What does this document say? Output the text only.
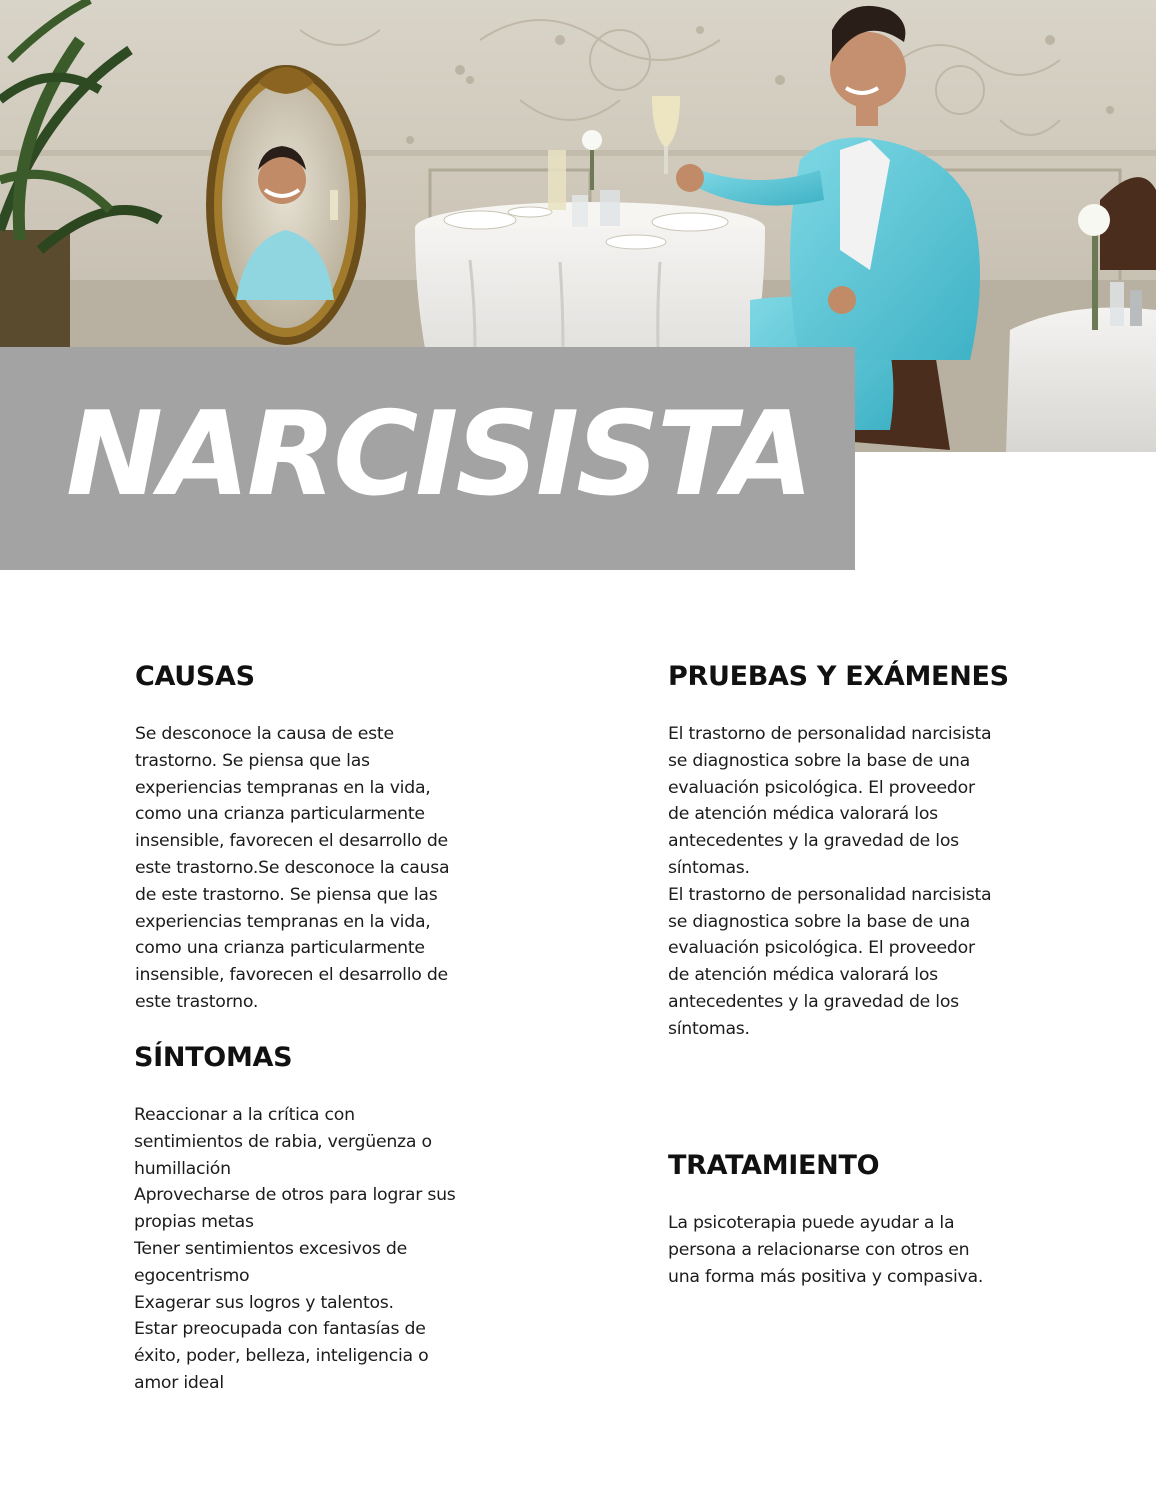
NARCISISTA
CAUSAS

Se desconoce la causa de este
trastorno. Se piensa que las
experiencias tempranas en la vida,
como una crianza particularmente
insensible, favorecen el desarrollo de
este trastorno.Se desconoce la causa
de este trastorno. Se piensa que las
experiencias tempranas en la vida,
como una crianza particularmente
insensible, favorecen el desarrollo de
este trastorno.

SÍNTOMAS

Reaccionar a la crítica con
sentimientos de rabia, vergüenza o
humillación
Aprovecharse de otros para lograr sus
propias metas
Tener sentimientos excesivos de
egocentrismo
Exagerar sus logros y talentos.
Estar preocupada con fantasías de
éxito, poder, belleza, inteligencia o
amor ideal

PRUEBAS Y EXÁMENES

El trastorno de personalidad narcisista
se diagnostica sobre la base de una
evaluación psicológica. El proveedor
de atención médica valorará los
antecedentes y la gravedad de los
síntomas.
El trastorno de personalidad narcisista
se diagnostica sobre la base de una
evaluación psicológica. El proveedor
de atención médica valorará los
antecedentes y la gravedad de los
síntomas.

TRATAMIENTO

La psicoterapia puede ayudar a la
persona a relacionarse con otros en
una forma más positiva y compasiva.
